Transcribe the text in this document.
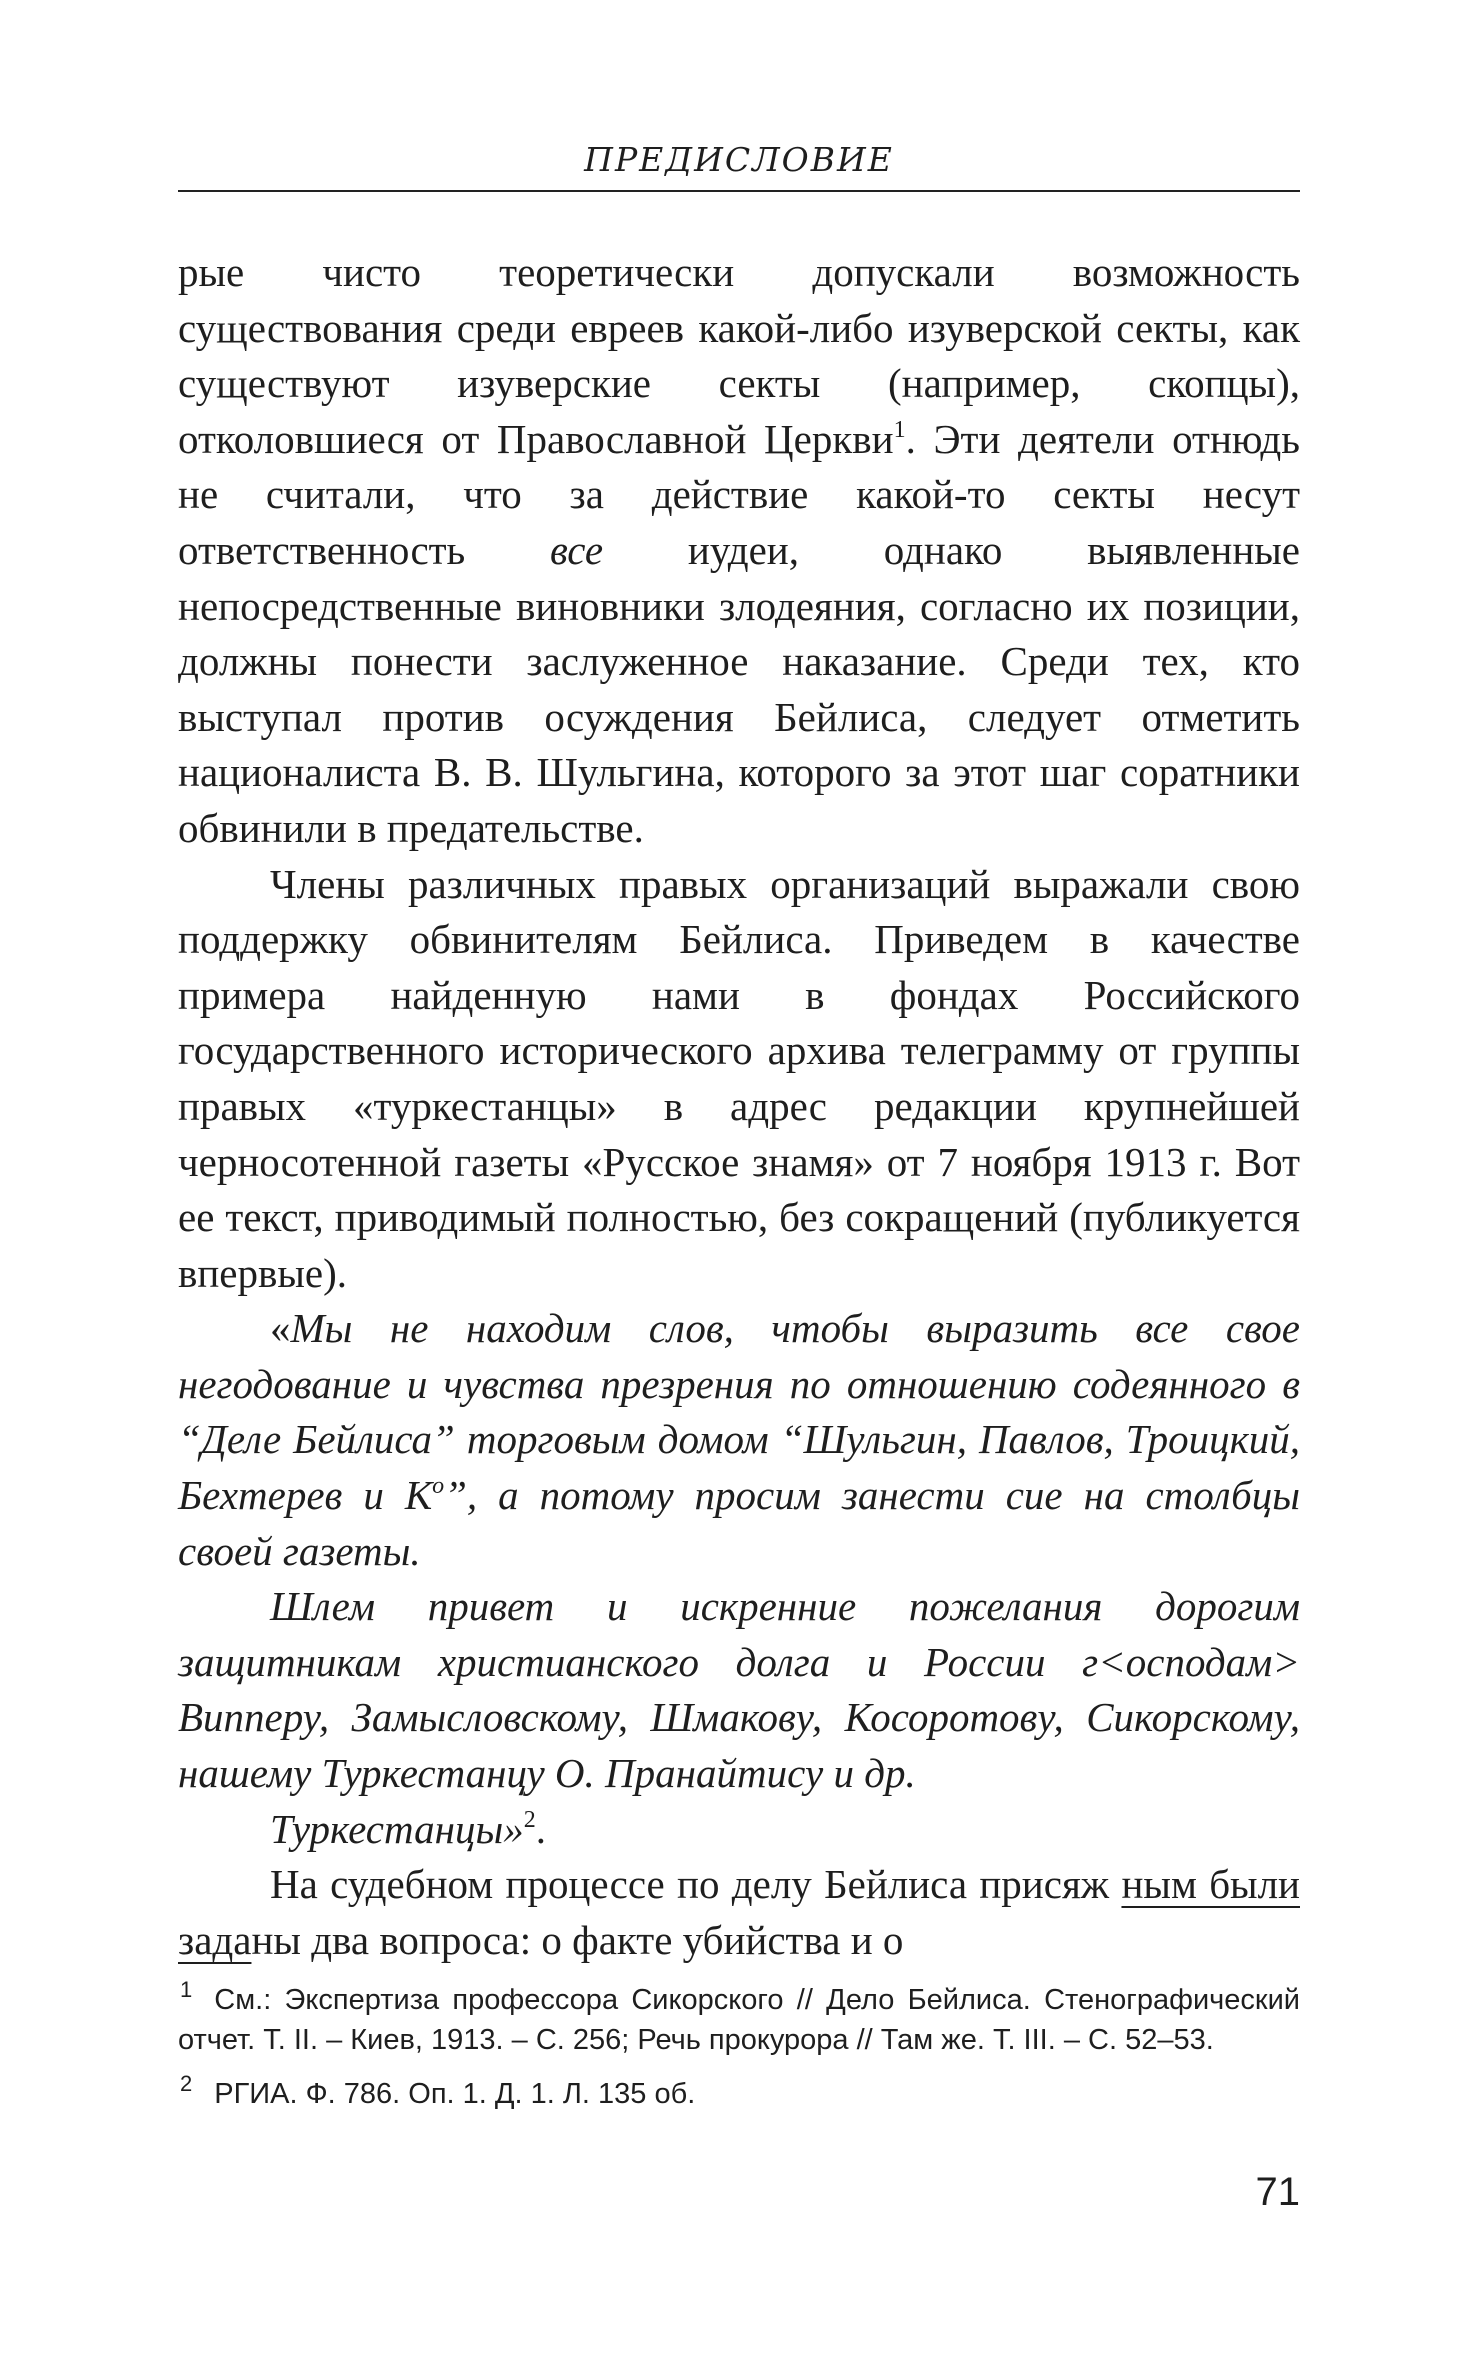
ПРЕДИСЛОВИЕ

рые чисто теоретически допускали возможность существования среди евреев какой-либо изуверской секты, как существуют изуверские секты (например, скопцы), отколовшиеся от Православной Церкви$^1$. Эти деятели отнюдь не считали, что за действие какой-то секты несут ответственность все иудеи, однако выявленные непосредственные виновники злодеяния, согласно их позиции, должны понести заслуженное наказание. Среди тех, кто выступал против осуждения Бейлиса, следует отметить националиста В. В. Шульгина, которого за этот шаг соратники обвинили в предательстве.

Члены различных правых организаций выражали свою поддержку обвинителям Бейлиса. Приведем в качестве примера найденную нами в фондах Российского государственного исторического архива телеграмму от группы правых «туркестанцы» в адрес редакции крупнейшей черносотенной газеты «Русское знамя» от 7 ноября 1913 г. Вот ее текст, приводимый полностью, без сокращений (публикуется впервые).

«Мы не находим слов, чтобы выразить все свое негодование и чувства презрения по отношению содеянного в “Деле Бейлиса” торговым домом “Шульгин, Павлов, Троицкий, Бехтерев и $К^о$”, а потому просим занести сие на столбцы своей газеты.

Шлем привет и искренние пожелания дорогим защитникам христианского долга и России г<осподам> Випперу, Замысловскому, Шмакову, Косоротову, Сикорскому, нашему Туркестанцу О. Пранайтису и др.

Туркестанцы»$^2$.

На судебном процессе по делу Бейлиса присяж ным были заданы два вопроса: о факте убийства и о

$^1$ См.: Экспертиза профессора Сикорского // Дело Бейлиса. Стенографический отчет. Т. II. – Киев, 1913. – С. 256; Речь прокурора // Там же. Т. III. – С. 52–53.
$^2$ РГИА. Ф. 786. Оп. 1. Д. 1. Л. 135 об.
71
